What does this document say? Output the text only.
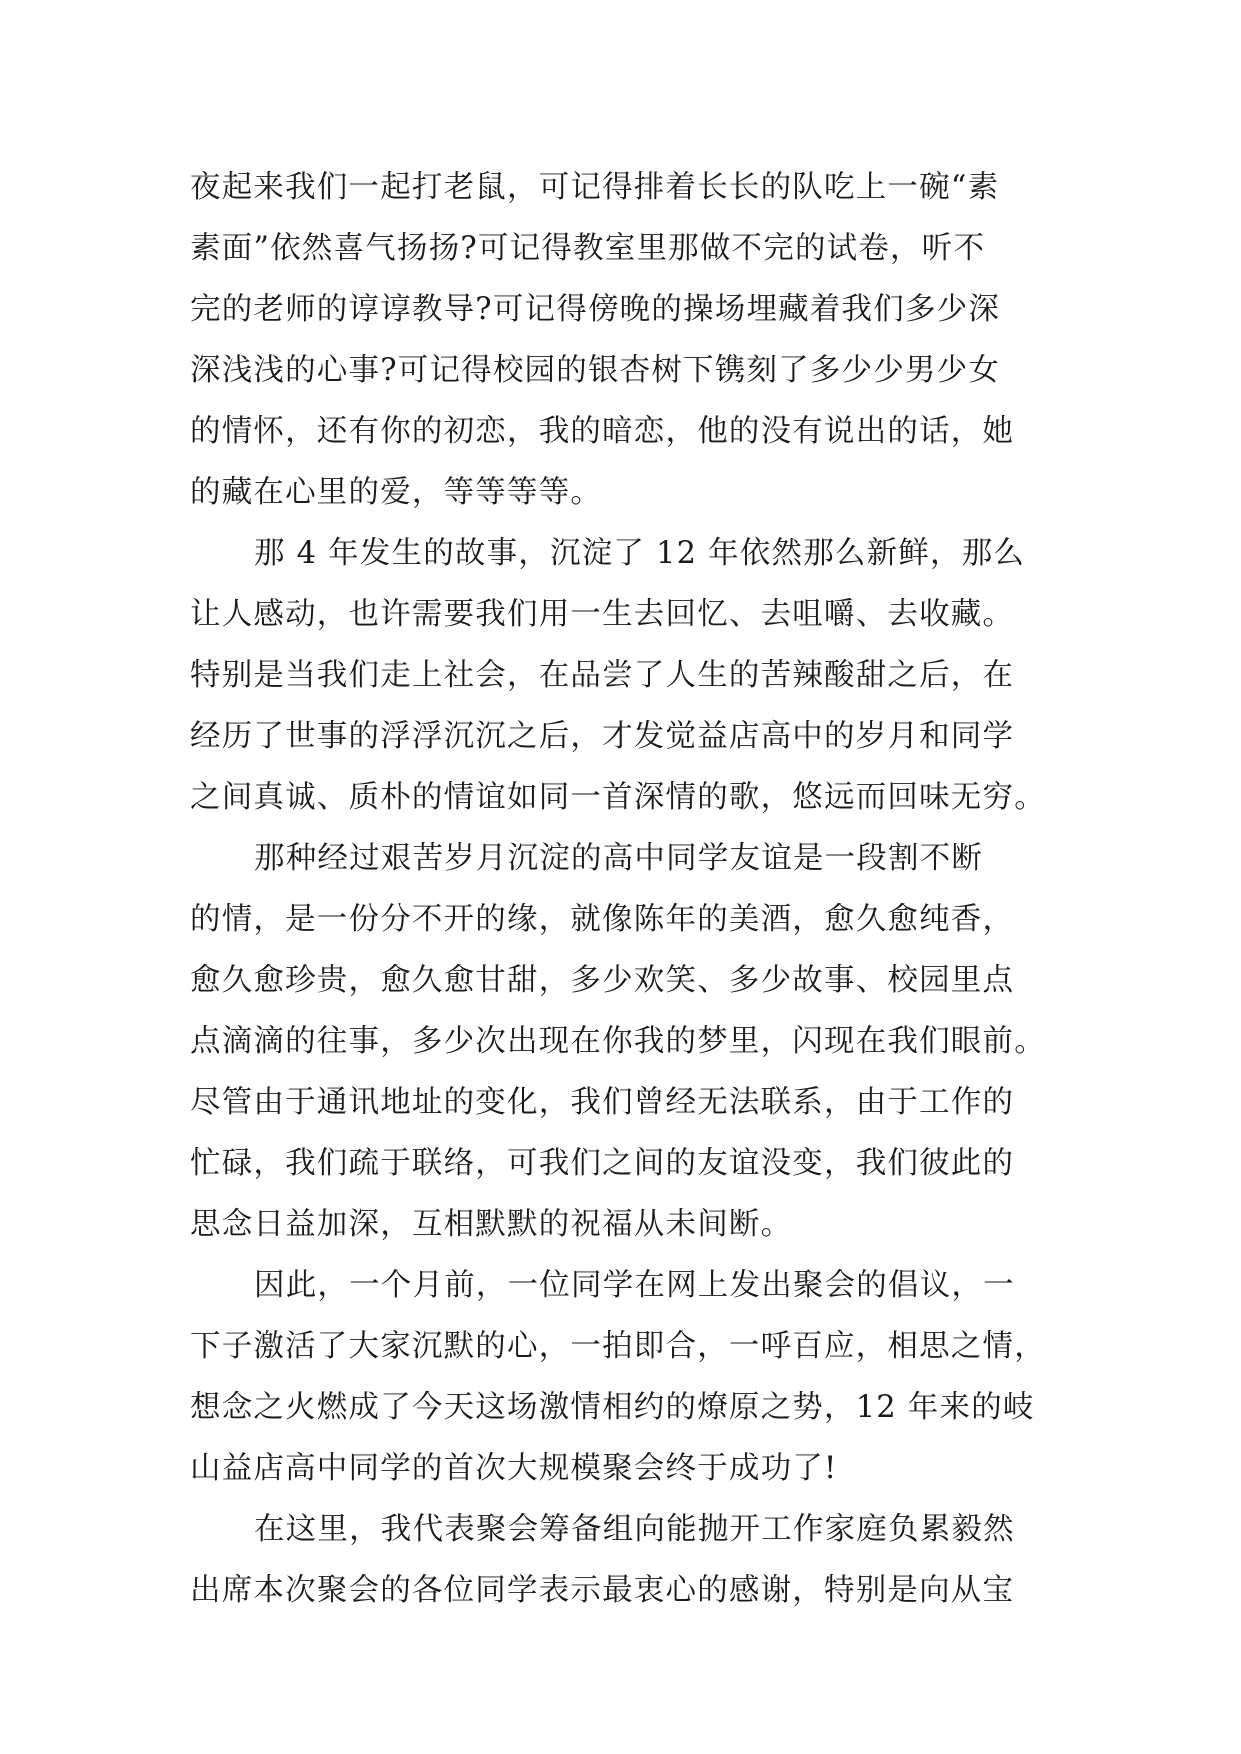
夜起来我们一起打老鼠，可记得排着长长的队吃上一碗“素
素面”依然喜气扬扬?可记得教室里那做不完的试卷，听不
完的老师的谆谆教导?可记得傍晚的操场埋藏着我们多少深
深浅浅的心事?可记得校园的银杏树下镌刻了多少少男少女
的情怀，还有你的初恋，我的暗恋，他的没有说出的话，她
的藏在心里的爱，等等等等。
那 4 年发生的故事，沉淀了 12 年依然那么新鲜，那么
让人感动，也许需要我们用一生去回忆、去咀嚼、去收藏。
特别是当我们走上社会，在品尝了人生的苦辣酸甜之后，在
经历了世事的浮浮沉沉之后，才发觉益店高中的岁月和同学
之间真诚、质朴的情谊如同一首深情的歌，悠远而回味无穷。
那种经过艰苦岁月沉淀的高中同学友谊是一段割不断
的情，是一份分不开的缘，就像陈年的美酒，愈久愈纯香，
愈久愈珍贵，愈久愈甘甜，多少欢笑、多少故事、校园里点
点滴滴的往事，多少次出现在你我的梦里，闪现在我们眼前。
尽管由于通讯地址的变化，我们曾经无法联系，由于工作的
忙碌，我们疏于联络，可我们之间的友谊没变，我们彼此的
思念日益加深，互相默默的祝福从未间断。
因此，一个月前，一位同学在网上发出聚会的倡议，一
下子激活了大家沉默的心，一拍即合，一呼百应，相思之情，
想念之火燃成了今天这场激情相约的燎原之势，12 年来的岐
山益店高中同学的首次大规模聚会终于成功了!
在这里，我代表聚会筹备组向能抛开工作家庭负累毅然
出席本次聚会的各位同学表示最衷心的感谢，特别是向从宝
